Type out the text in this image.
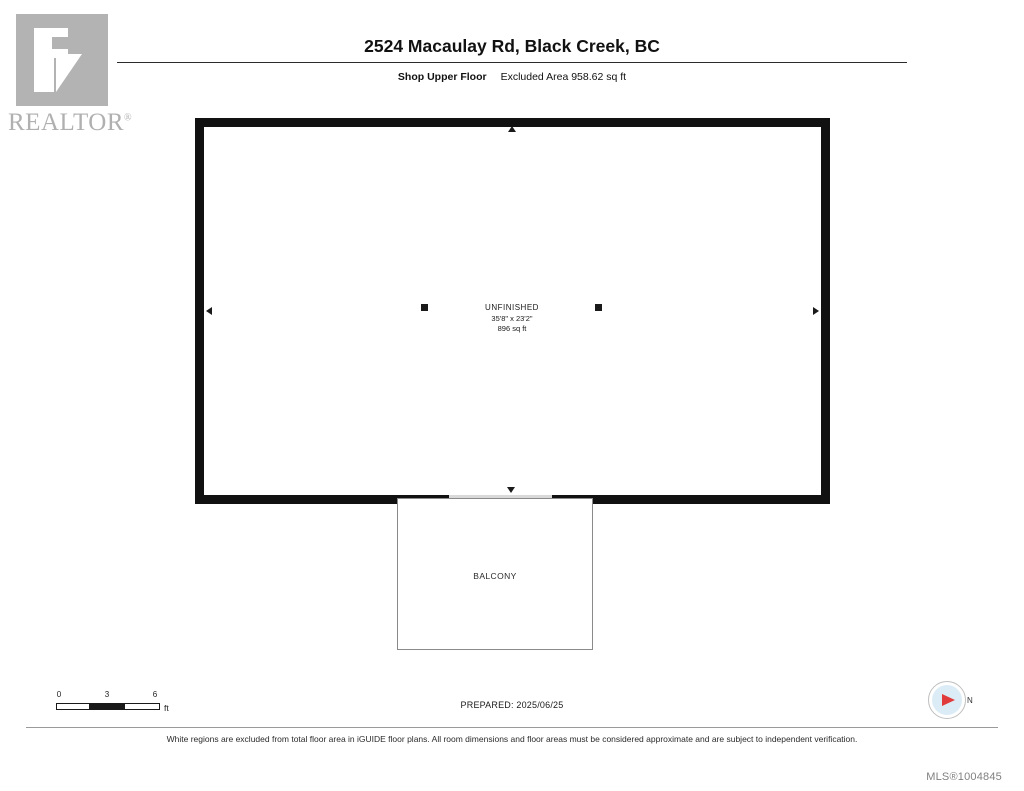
REALTOR®
2524 Macaulay Rd, Black Creek, BC
Shop Upper Floor Excluded Area 958.62 sq ft
BALCONY
UNFINISHED
35'8" x 23'2"
896 sq ft
0	3	6
ft	PREPARED: 2025/06/25	N
White regions are excluded from total floor area in iGUIDE floor plans. All room dimensions and floor areas must be considered approximate and are subject to independent verification.
MLS®1004845
